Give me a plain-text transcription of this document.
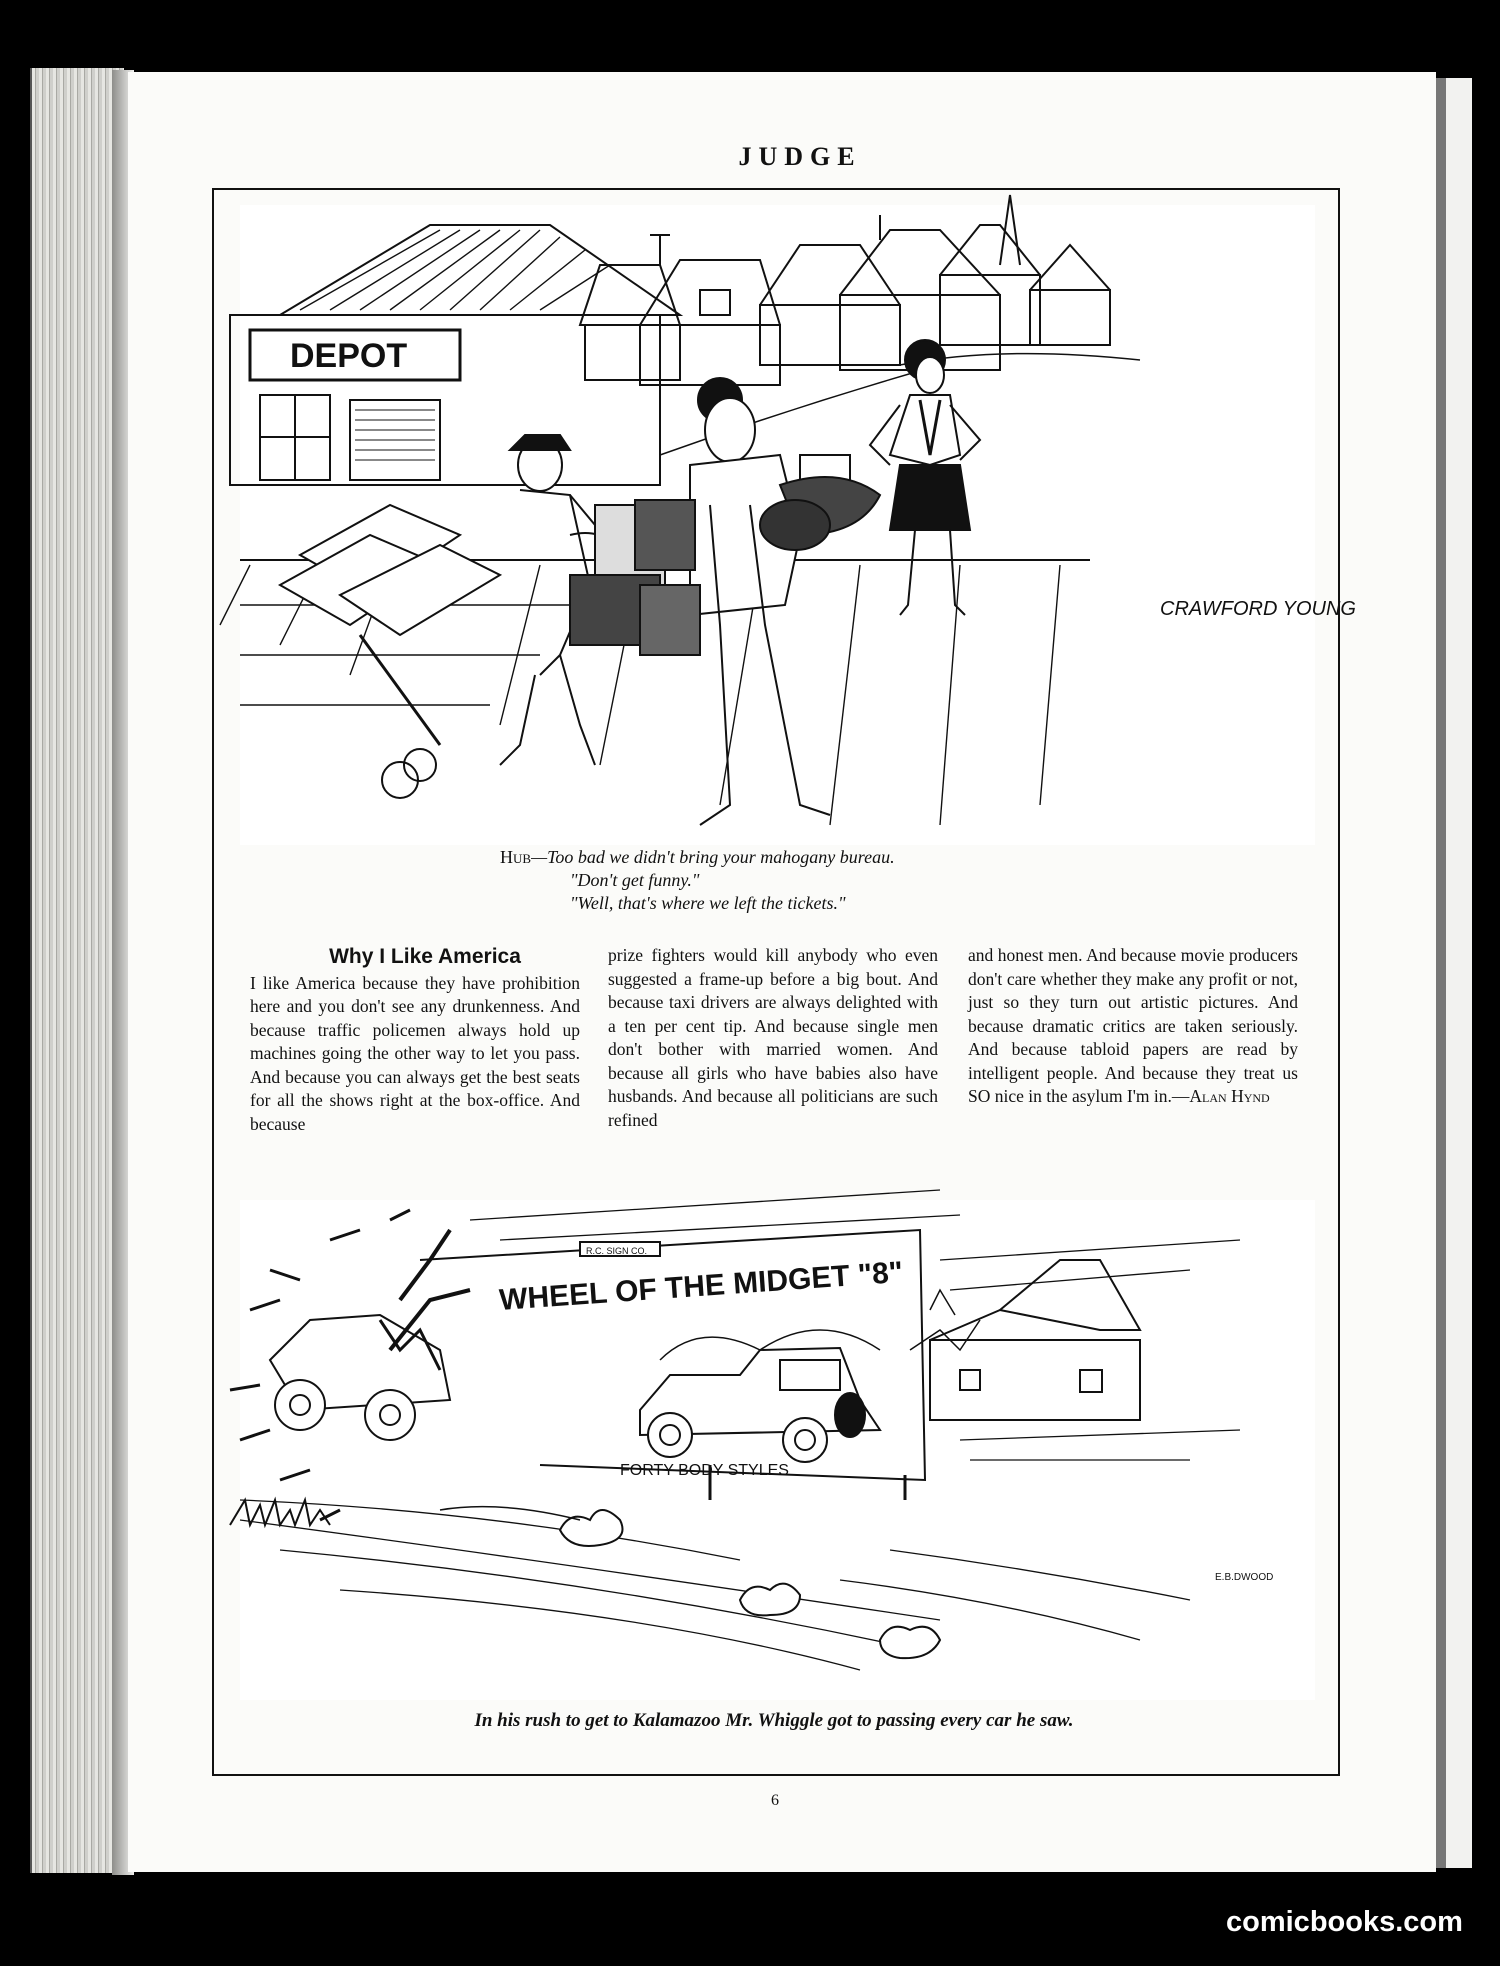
JUDGE
DEPOT
CRAWFORD YOUNG
Hub—Too bad we didn't bring your mahogany bureau.
"Don't get funny."
"Well, that's where we left the tickets."
Why I Like America
I like America because they have prohibition here and you don't see any drunkenness. And because traffic policemen always hold up machines going the other way to let you pass. And because you can always get the best seats for all the shows right at the box-office. And because
prize fighters would kill anybody who even suggested a frame-up before a big bout. And because taxi drivers are always delighted with a ten per cent tip. And because single men don't bother with married women. And because all girls who have babies also have husbands. And because all politicians are such refined
and honest men. And because movie producers don't care whether they make any profit or not, just so they turn out artistic pictures. And because dramatic critics are taken seriously. And because tabloid papers are read by intelligent people. And because they treat us SO nice in the asylum I'm in.—Alan Hynd
R.C. SIGN CO.
WHEEL OF THE MIDGET "8"
FORTY BODY STYLES
E.B.DWOOD
In his rush to get to Kalamazoo Mr. Whiggle got to passing every car he saw.
6
comicbooks.com
